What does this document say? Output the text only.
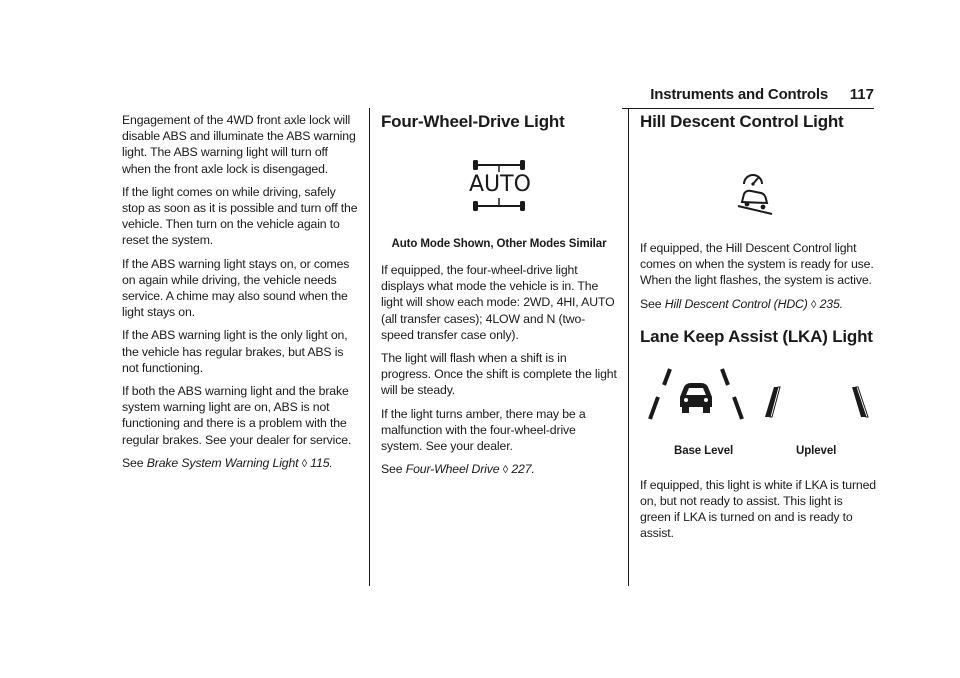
Instruments and Controls 117

Engagement of the 4WD front axle lock will disable ABS and illuminate the ABS warning light. The ABS warning light will turn off when the front axle lock is disengaged.

If the light comes on while driving, safely stop as soon as it is possible and turn off the vehicle. Then turn on the vehicle again to reset the system.

If the ABS warning light stays on, or comes on again while driving, the vehicle needs service. A chime may also sound when the light stays on.

If the ABS warning light is the only light on, the vehicle has regular brakes, but ABS is not functioning.

If both the ABS warning light and the brake system warning light are on, ABS is not functioning and there is a problem with the regular brakes. See your dealer for service.

See Brake System Warning Light ◊ 115.

Four-Wheel-Drive Light
AUTO
Auto Mode Shown, Other Modes Similar

If equipped, the four-wheel-drive light displays what mode the vehicle is in. The light will show each mode: 2WD, 4HI, AUTO (all transfer cases); 4LOW and N (two-speed transfer case only).

The light will flash when a shift is in progress. Once the shift is complete the light will be steady.

If the light turns amber, there may be a malfunction with the four-wheel-drive system. See your dealer.

See Four-Wheel Drive ◊ 227.

Hill Descent Control Light

If equipped, the Hill Descent Control light comes on when the system is ready for use. When the light flashes, the system is active.

See Hill Descent Control (HDC) ◊ 235.

Lane Keep Assist (LKA) Light
Base Level	Uplevel

If equipped, this light is white if LKA is turned on, but not ready to assist. This light is green if LKA is turned on and is ready to assist.
